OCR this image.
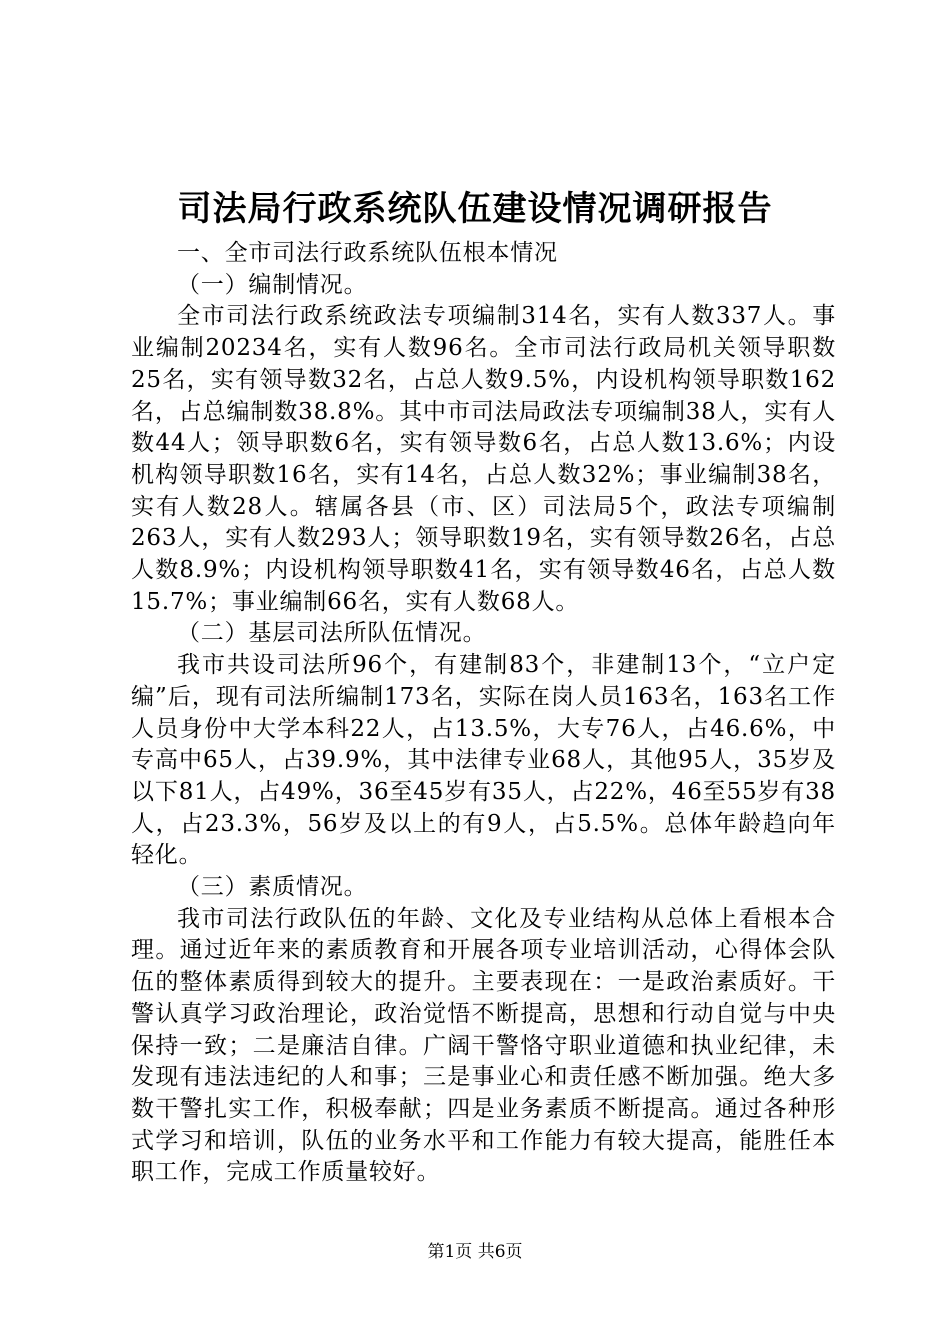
司法局行政系统队伍建设情况调研报告

一、全市司法行政系统队伍根本情况

（一）编制情况。

全市司法行政系统政法专项编制314名，实有人数337人。事业编制20234名，实有人数96名。全市司法行政局机关领导职数25名，实有领导数32名，占总人数9.5%，内设机构领导职数162名，占总编制数38.8%。其中市司法局政法专项编制38人，实有人数44人；领导职数6名，实有领导数6名，占总人数13.6%；内设机构领导职数16名，实有14名，占总人数32%；事业编制38名，实有人数28人。辖属各县（市、区）司法局5个，政法专项编制263人，实有人数293人；领导职数19名，实有领导数26名，占总人数8.9%；内设机构领导职数41名，实有领导数46名，占总人数15.7%；事业编制66名，实有人数68人。

（二）基层司法所队伍情况。

我市共设司法所96个，有建制83个，非建制13个，“立户定编”后，现有司法所编制173名，实际在岗人员163名，163名工作人员身份中大学本科22人，占13.5%，大专76人，占46.6%，中专高中65人，占39.9%，其中法律专业68人，其他95人，35岁及以下81人，占49%，36至45岁有35人，占22%，46至55岁有38人，占23.3%，56岁及以上的有9人，占5.5%。总体年龄趋向年轻化。

（三）素质情况。

我市司法行政队伍的年龄、文化及专业结构从总体上看根本合理。通过近年来的素质教育和开展各项专业培训活动，心得体会队伍的整体素质得到较大的提升。主要表现在：一是政治素质好。干警认真学习政治理论，政治觉悟不断提高，思想和行动自觉与中央保持一致；二是廉洁自律。广阔干警恪守职业道德和执业纪律，未发现有违法违纪的人和事；三是事业心和责任感不断加强。绝大多数干警扎实工作，积极奉献；四是业务素质不断提高。通过各种形式学习和培训，队伍的业务水平和工作能力有较大提高，能胜任本职工作，完成工作质量较好。

第1页 共6页
